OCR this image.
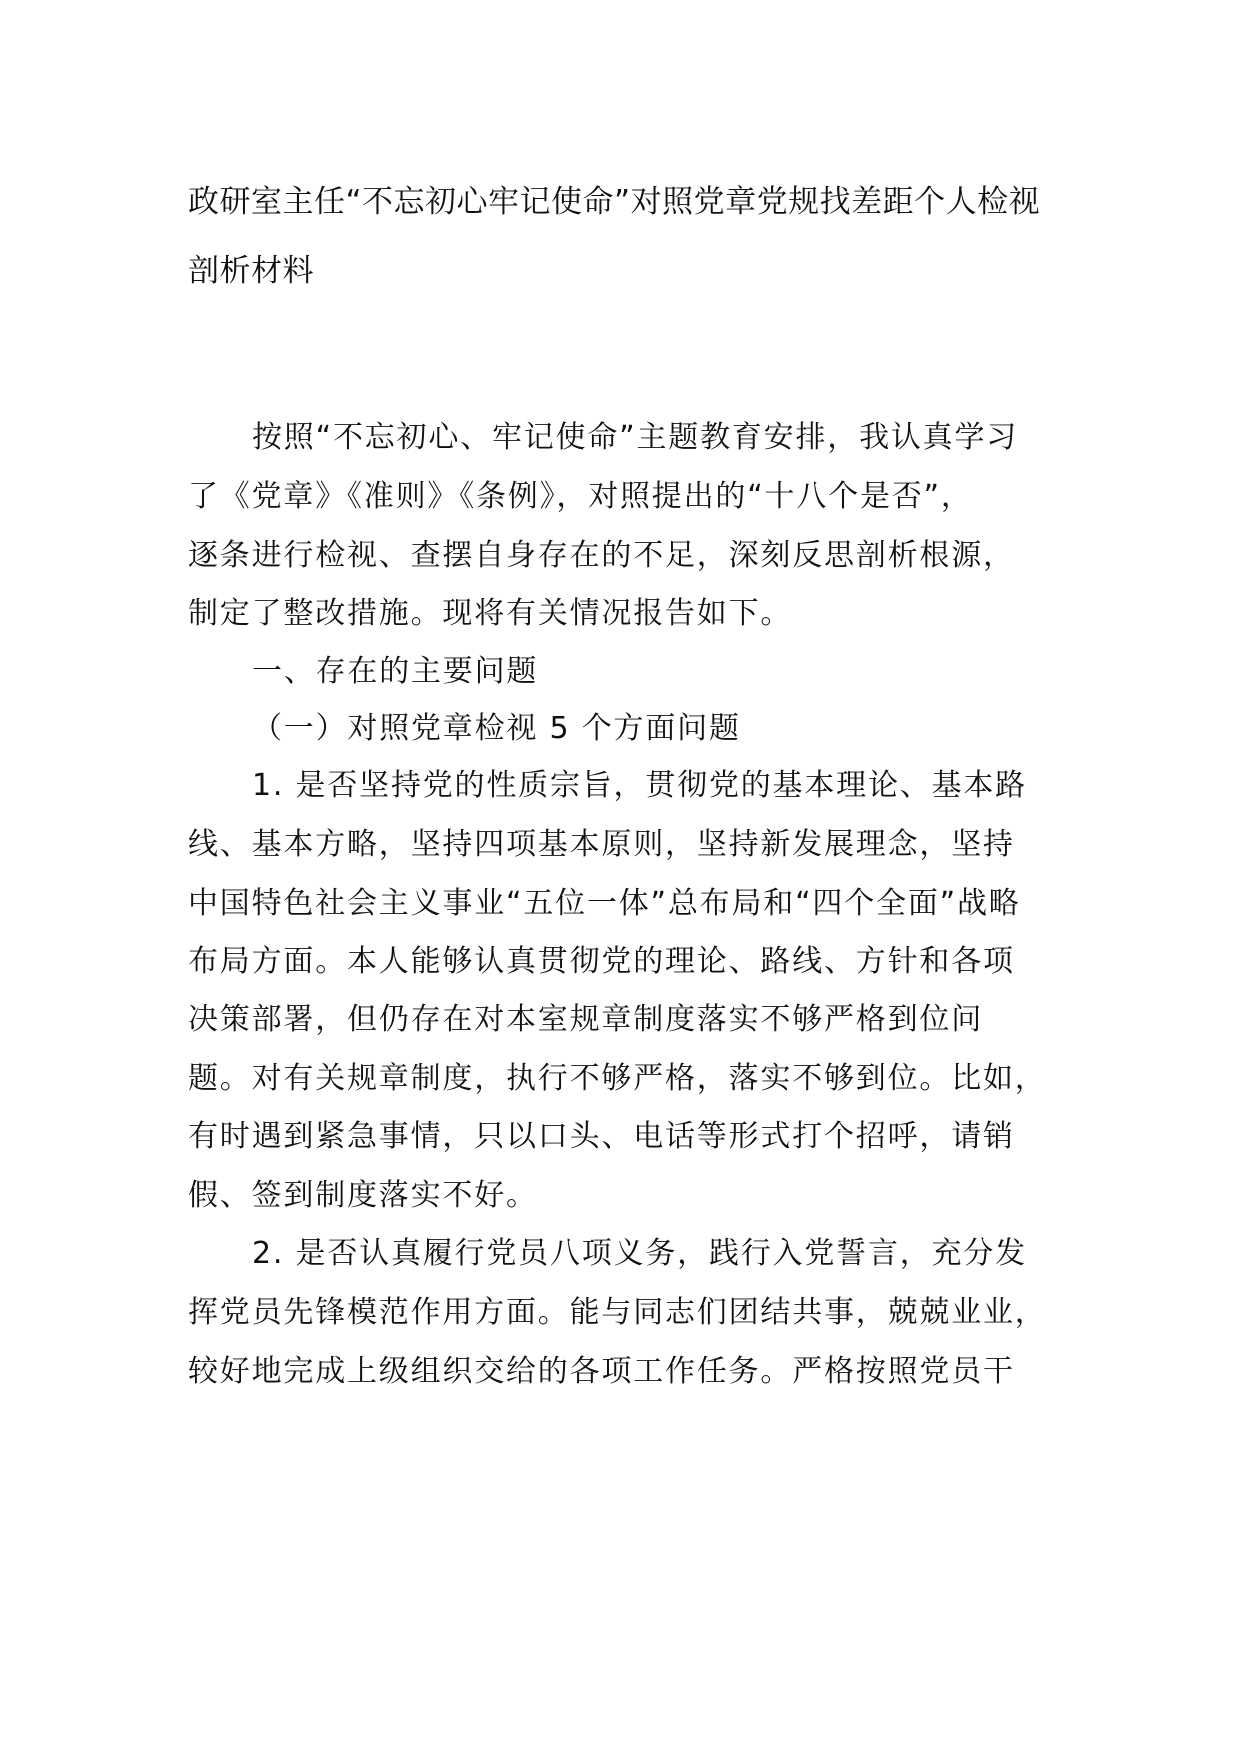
政研室主任“不忘初心牢记使命”对照党章党规找差距个人检视剖析材料
按照“不忘初心、牢记使命”主题教育安排，我认真学习
了《党章》《准则》《条例》，对照提出的“十八个是否”，
逐条进行检视、查摆自身存在的不足，深刻反思剖析根源，
制定了整改措施。现将有关情况报告如下。
一、存在的主要问题
（一）对照党章检视 5 个方面问题
1. 是否坚持党的性质宗旨，贯彻党的基本理论、基本路
线、基本方略，坚持四项基本原则，坚持新发展理念，坚持
中国特色社会主义事业“五位一体”总布局和“四个全面”战略
布局方面。本人能够认真贯彻党的理论、路线、方针和各项
决策部署，但仍存在对本室规章制度落实不够严格到位问
题。对有关规章制度，执行不够严格，落实不够到位。比如，
有时遇到紧急事情，只以口头、电话等形式打个招呼，请销
假、签到制度落实不好。
2. 是否认真履行党员八项义务，践行入党誓言，充分发
挥党员先锋模范作用方面。能与同志们团结共事，兢兢业业，
较好地完成上级组织交给的各项工作任务。严格按照党员干
